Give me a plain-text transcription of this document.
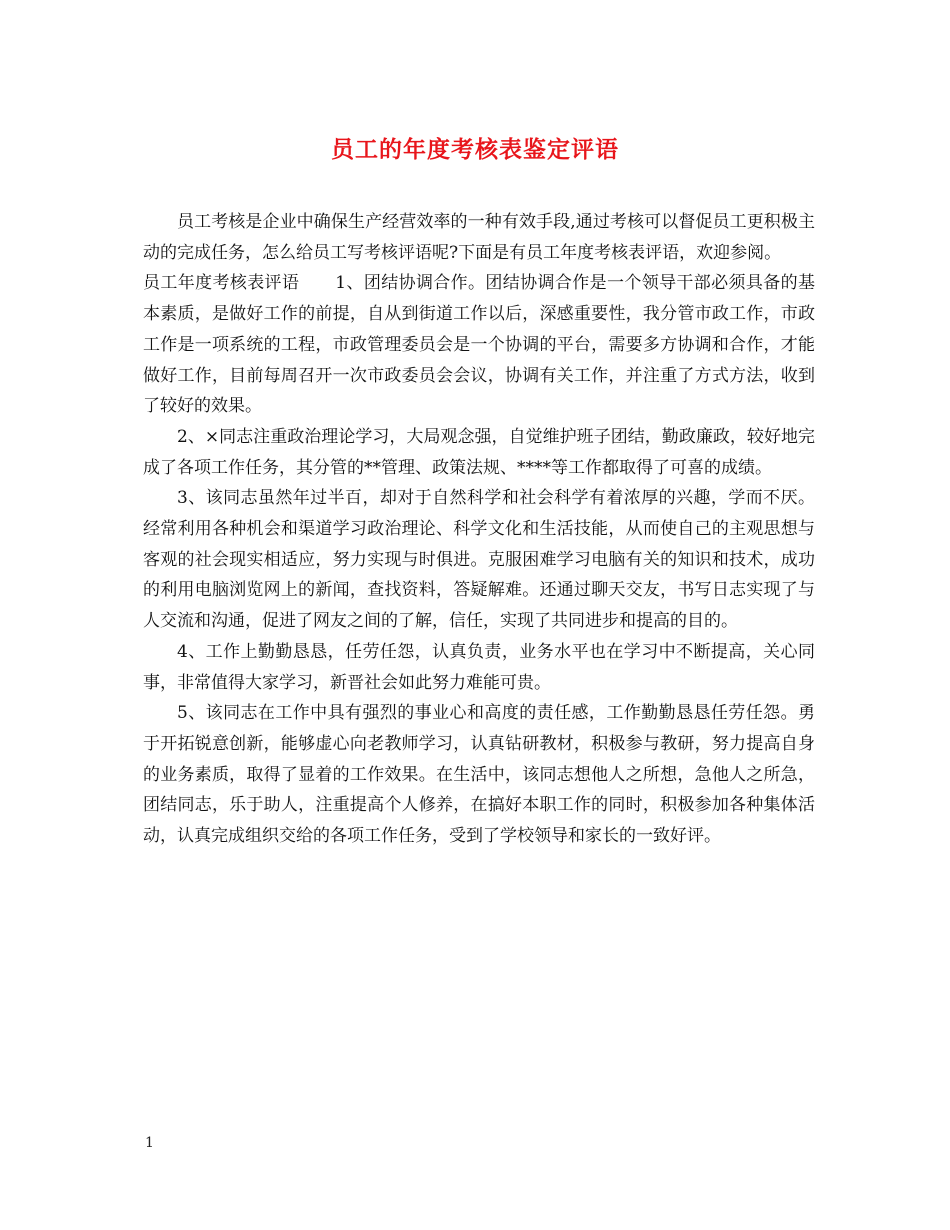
员工的年度考核表鉴定评语

员工考核是企业中确保生产经营效率的一种有效手段,通过考核可以督促员工更积极主动的完成任务，怎么给员工写考核评语呢?下面是有员工年度考核表评语，欢迎参阅。

员工年度考核表评语 1、团结协调合作。团结协调合作是一个领导干部必须具备的基本素质，是做好工作的前提，自从到街道工作以后，深感重要性，我分管市政工作，市政工作是一项系统的工程，市政管理委员会是一个协调的平台，需要多方协调和合作，才能做好工作，目前每周召开一次市政委员会会议，协调有关工作，并注重了方式方法，收到了较好的效果。

2、×同志注重政治理论学习，大局观念强，自觉维护班子团结，勤政廉政，较好地完成了各项工作任务，其分管的**管理、政策法规、****等工作都取得了可喜的成绩。

3、该同志虽然年过半百，却对于自然科学和社会科学有着浓厚的兴趣，学而不厌。经常利用各种机会和渠道学习政治理论、科学文化和生活技能，从而使自己的主观思想与客观的社会现实相适应，努力实现与时俱进。克服困难学习电脑有关的知识和技术，成功的利用电脑浏览网上的新闻，查找资料，答疑解难。还通过聊天交友，书写日志实现了与人交流和沟通，促进了网友之间的了解，信任，实现了共同进步和提高的目的。

4、工作上勤勤恳恳，任劳任怨，认真负责，业务水平也在学习中不断提高，关心同事，非常值得大家学习，新晋社会如此努力难能可贵。

5、该同志在工作中具有强烈的事业心和高度的责任感，工作勤勤恳恳任劳任怨。勇于开拓锐意创新，能够虚心向老教师学习，认真钻研教材，积极参与教研，努力提高自身的业务素质，取得了显着的工作效果。在生活中，该同志想他人之所想，急他人之所急，团结同志，乐于助人，注重提高个人修养，在搞好本职工作的同时，积极参加各种集体活动，认真完成组织交给的各项工作任务，受到了学校领导和家长的一致好评。

1
